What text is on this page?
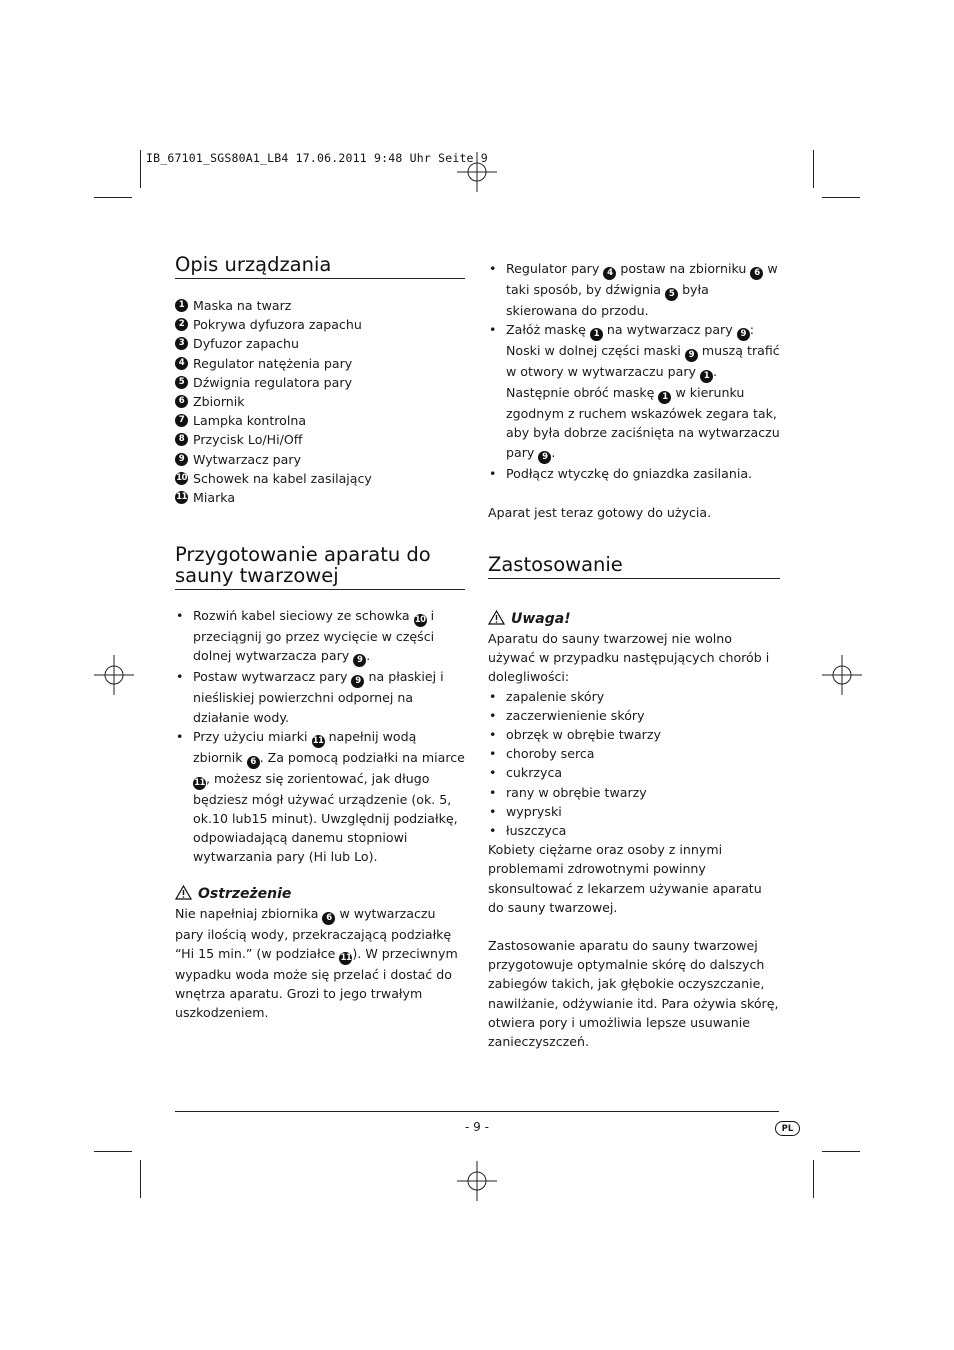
IB_67101_SGS80A1_LB4 17.06.2011 9:48 Uhr Seite 9
Opis urządzania
1 Maska na twarz
2 Pokrywa dyfuzora zapachu
3 Dyfuzor zapachu
4 Regulator natężenia pary
5 Dźwignia regulatora pary
6 Zbiornik
7 Lampka kontrolna
8 Przycisk Lo/Hi/Off
9 Wytwarzacz pary
10 Schowek na kabel zasilający
11 Miarka
Przygotowanie aparatu do
sauny twarzowej
• Rozwiń kabel sieciowy ze schowka 10 i przeciągnij go przez wycięcie w części dolnej wytwarzacza pary 9 .
• Postaw wytwarzacz pary 9 na płaskiej i nieśliskiej powierzchni odpornej na działanie wody.
• Przy użyciu miarki 11 napełnij wodą zbiornik 6 . Za pomocą podziałki na miarce 11, możesz się zorientować, jak długo będziesz mógł używać urządzenie (ok. 5, ok.10 lub15 minut). Uwzględnij podziałkę, odpowiadającą danemu stopniowi wytwarzania pary (Hi lub Lo).
Ostrzeżenie

Nie napełniaj zbiornika 6 w wytwarzaczu pary ilością wody, przekraczającą podziałkę “Hi 15 min.” (w podziałce 11). W przeciwnym wypadku woda może się przelać i dostać do wnętrza aparatu. Grozi to jego trwałym uszkodzeniem.

• Regulator pary 4 postaw na zbiorniku 6 w taki sposób, by dźwignia 5 była skierowana do przodu.
• Załóż maskę 1 na wytwarzacz pary 9 :
Noski w dolnej części maski 9 muszą trafić w otwory w wytwarzaczu pary 1 .
Następnie obróć maskę 1 w kierunku zgodnym z ruchem wskazówek zegara tak, aby była dobrze zaciśnięta na wytwarzaczu pary 9 .
• Podłącz wtyczkę do gniazdka zasilania.

Aparat jest teraz gotowy do użycia.

Zastosowanie
Uwaga!

Aparatu do sauny twarzowej nie wolno używać w przypadku następujących chorób i dolegliwości:

• zapalenie skóry
• zaczerwienienie skóry
• obrzęk w obrębie twarzy
• choroby serca
• cukrzyca
• rany w obrębie twarzy
• wypryski
• łuszczyca

Kobiety ciężarne oraz osoby z innymi problemami zdrowotnymi powinny skonsultować z lekarzem używanie aparatu do sauny twarzowej.

Zastosowanie aparatu do sauny twarzowej przygotowuje optymalnie skórę do dalszych zabiegów takich, jak głębokie oczyszczanie, nawilżanie, odżywianie itd. Para ożywia skórę, otwiera pory i umożliwia lepsze usuwanie zanieczyszczeń.

- 9 -	PL
